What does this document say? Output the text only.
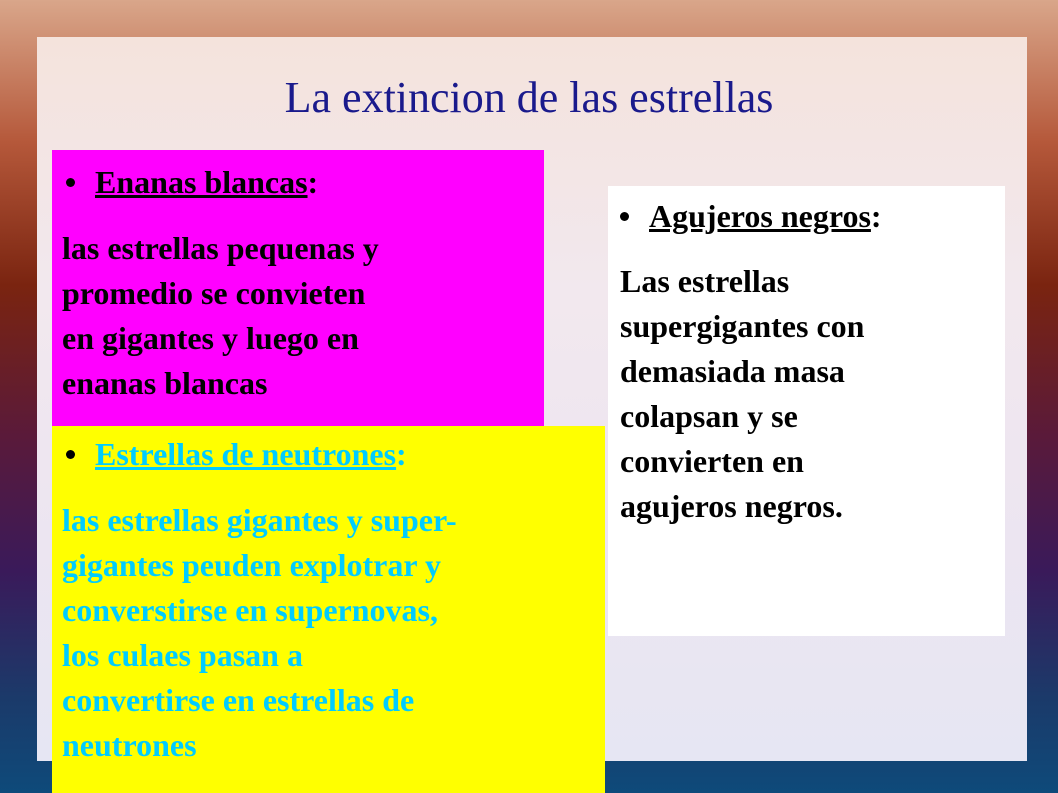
La extincion de las estrellas
Enanas blancas:
las estrellas pequenas y
promedio se convieten
en gigantes y luego en
enanas blancas
Agujeros negros:
Las estrellas
supergigantes con
demasiada masa
colapsan y se
convierten en
agujeros negros.
Estrellas de neutrones:
las estrellas gigantes y super-
gigantes peuden explotrar y
converstirse en supernovas,
los culaes pasan a
convertirse en estrellas de
neutrones
